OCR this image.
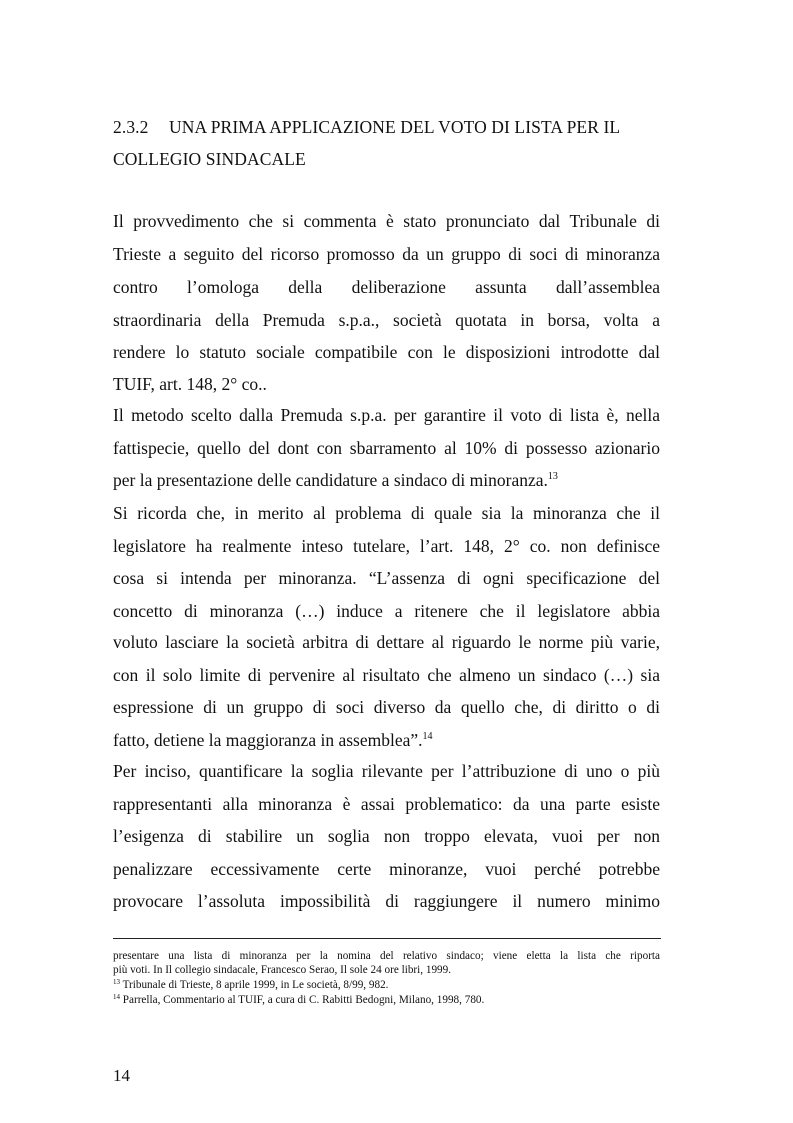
2.3.2 UNA PRIMA APPLICAZIONE DEL VOTO DI LISTA PER IL
COLLEGIO SINDACALE
Il provvedimento che si commenta è stato pronunciato dal Tribunale di
Trieste a seguito del ricorso promosso da un gruppo di soci di minoranza
contro l’omologa della deliberazione assunta dall’assemblea
straordinaria della Premuda s.p.a., società quotata in borsa, volta a
rendere lo statuto sociale compatibile con le disposizioni introdotte dal
TUIF, art. 148, 2° co..
Il metodo scelto dalla Premuda s.p.a. per garantire il voto di lista è, nella
fattispecie, quello del dont con sbarramento al 10% di possesso azionario
per la presentazione delle candidature a sindaco di minoranza.$^{13}$
Si ricorda che, in merito al problema di quale sia la minoranza che il
legislatore ha realmente inteso tutelare, l’art. 148, 2° co. non definisce
cosa si intenda per minoranza. “L’assenza di ogni specificazione del
concetto di minoranza (…) induce a ritenere che il legislatore abbia
voluto lasciare la società arbitra di dettare al riguardo le norme più varie,
con il solo limite di pervenire al risultato che almeno un sindaco (…) sia
espressione di un gruppo di soci diverso da quello che, di diritto o di
fatto, detiene la maggioranza in assemblea”.$^{14}$
Per inciso, quantificare la soglia rilevante per l’attribuzione di uno o più
rappresentanti alla minoranza è assai problematico: da una parte esiste
l’esigenza di stabilire un soglia non troppo elevata, vuoi per non
penalizzare eccessivamente certe minoranze, vuoi perché potrebbe
provocare l’assoluta impossibilità di raggiungere il numero minimo
presentare una lista di minoranza per la nomina del relativo sindaco; viene eletta la lista che riporta
più voti. In Il collegio sindacale, Francesco Serao, Il sole 24 ore libri, 1999.
$^{13}$ Tribunale di Trieste, 8 aprile 1999, in Le società, 8/99, 982.
$^{14}$ Parrella, Commentario al TUIF, a cura di C. Rabitti Bedogni, Milano, 1998, 780.
14
